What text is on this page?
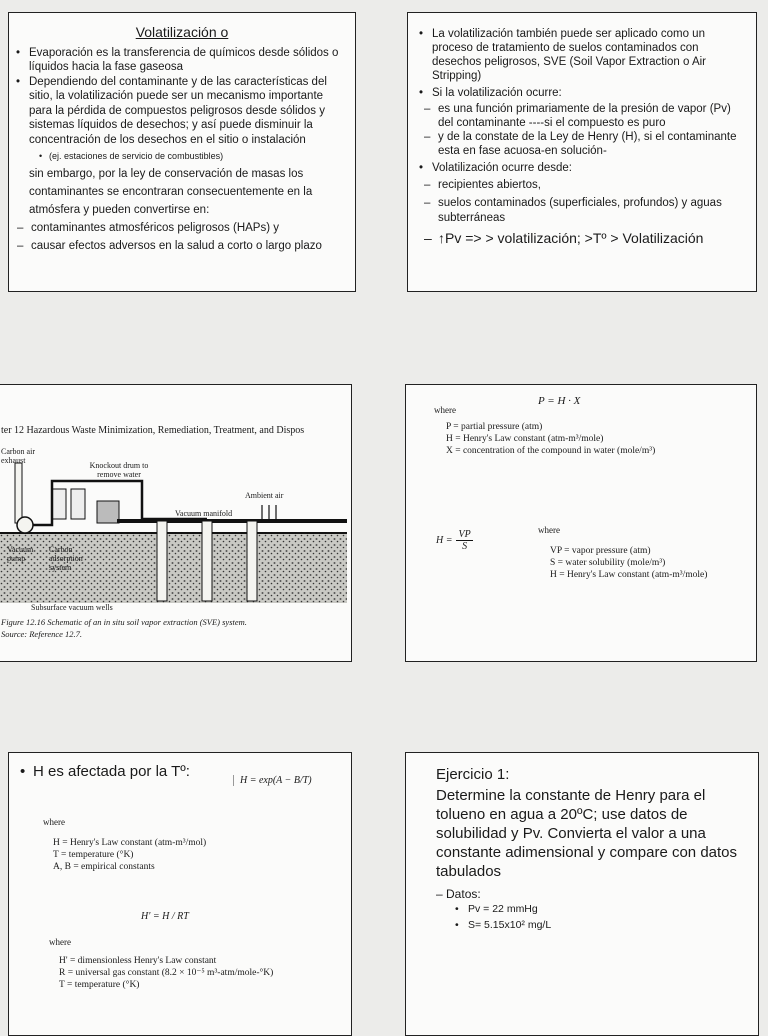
Volatilización o
• Evaporación es la transferencia de químicos desde sólidos o líquidos hacia la fase gaseosa
• Dependiendo del contaminante y de las características del sitio, la volatilización puede ser un mecanismo importante para la pérdida de compuestos peligrosos desde sólidos y sistemas líquidos de desechos; y así puede disminuir la concentración de los desechos en el sitio o instalación
• (ej. estaciones de servicio de combustibles)
sin embargo, por la ley de conservación de masas los contaminantes se encontraran consecuentemente en la atmósfera y pueden convertirse en:
– contaminantes atmosféricos peligrosos (HAPs) y
– causar efectos adversos en la salud a corto o largo plazo
• La volatilización también puede ser aplicado como un proceso de tratamiento de suelos contaminados con desechos peligrosos, SVE (Soil Vapor Extraction o Air Stripping)
• Si la volatilización ocurre:
– es una función primariamente de la presión de vapor (Pv) del contaminante ----si el compuesto es puro
– y de la constate de la Ley de Henry (H), si el contaminante esta en fase acuosa-en solución-
• Volatilización ocurre desde:
– recipientes abiertos,
– suelos contaminados (superficiales, profundos) y aguas subterráneas
– ↑Pv => > volatilización; >Tº > Volatilización
ter 12 Hazardous Waste Minimization, Remediation, Treatment, and Dispos
Carbon air exhaust
Knockout drum to remove water
Ambient air
Vacuum manifold
Vacuum pump
Carbon adsorption system
Subsurface vacuum wells
Figure 12.16 Schematic of an in situ soil vapor extraction (SVE) system.
Source: Reference 12.7.
P = H · X
where
P = partial pressure (atm)
H = Henry's Law constant (atm-m³/mole)
X = concentration of the compound in water (mole/m³)
$H = \frac{VP}{S}$	where
VP = vapor pressure (atm)
S = water solubility (mole/m³)
H = Henry's Law constant (atm-m³/mole)
• H es afectada por la Tº:
H = exp(A − B/T)
where
H = Henry's Law constant (atm-m³/mol)
T = temperature (°K)
A, B = empirical constants
H' = H / RT
where
H' = dimensionless Henry's Law constant
R = universal gas constant (8.2 × 10⁻⁵ m³-atm/mole-°K)
T = temperature (°K)
Ejercicio 1:
Determine la constante de Henry para el tolueno en agua a 20ºC; use datos de solubilidad y Pv. Convierta el valor a una constante adimensional y compare con datos tabulados
– Datos:
• Pv = 22 mmHg
• S= 5.15x10² mg/L
